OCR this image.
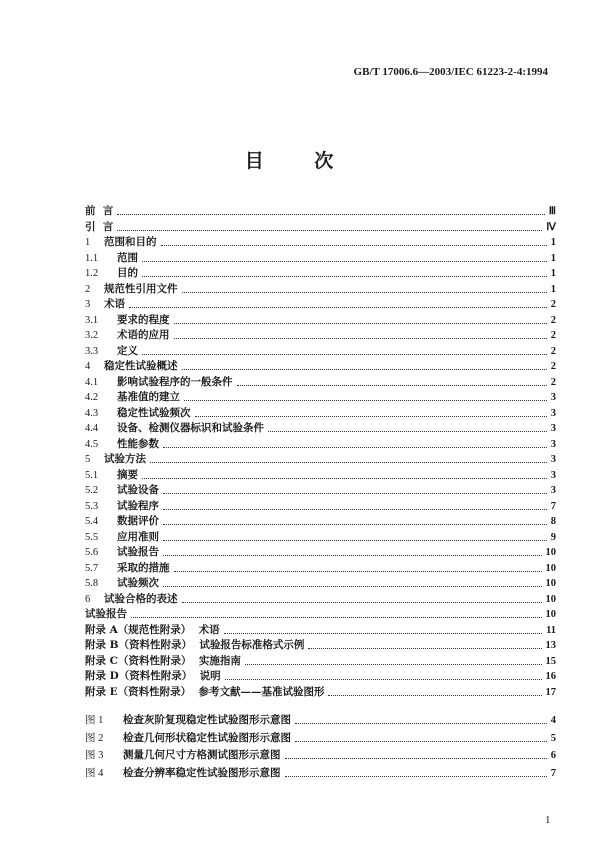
GB/T 17006.6—2003/IEC 61223-2-4:1994
目 次
前  言	Ⅲ
引  言	Ⅳ
1	范围和目的	1
1.1	范围	1
1.2	目的	1
2	规范性引用文件	1
3	术语	2
3.1	要求的程度	2
3.2	术语的应用	2
3.3	定义	2
4	稳定性试验概述	2
4.1	影响试验程序的一般条件	2
4.2	基准值的建立	3
4.3	稳定性试验频次	3
4.4	设备、检测仪器标识和试验条件	3
4.5	性能参数	3
5	试验方法	3
5.1	摘要	3
5.2	试验设备	3
5.3	试验程序	7
5.4	数据评价	8
5.5	应用准则	9
5.6	试验报告	10
5.7	采取的措施	10
5.8	试验频次	10
6	试验合格的表述	10
试验报告	10
附录 A（规范性附录）  术语	11
附录 B（资料性附录）  试验报告标准格式示例	13
附录 C（资料性附录）  实施指南	15
附录 D（资料性附录）  说明	16
附录 E（资料性附录）  参考文献——基准试验图形	17
图 1	检查灰阶复现稳定性试验图形示意图	4
图 2	检查几何形状稳定性试验图形示意图	5
图 3	测量几何尺寸方格测试图形示意图	6
图 4	检查分辨率稳定性试验图形示意图	7
1
